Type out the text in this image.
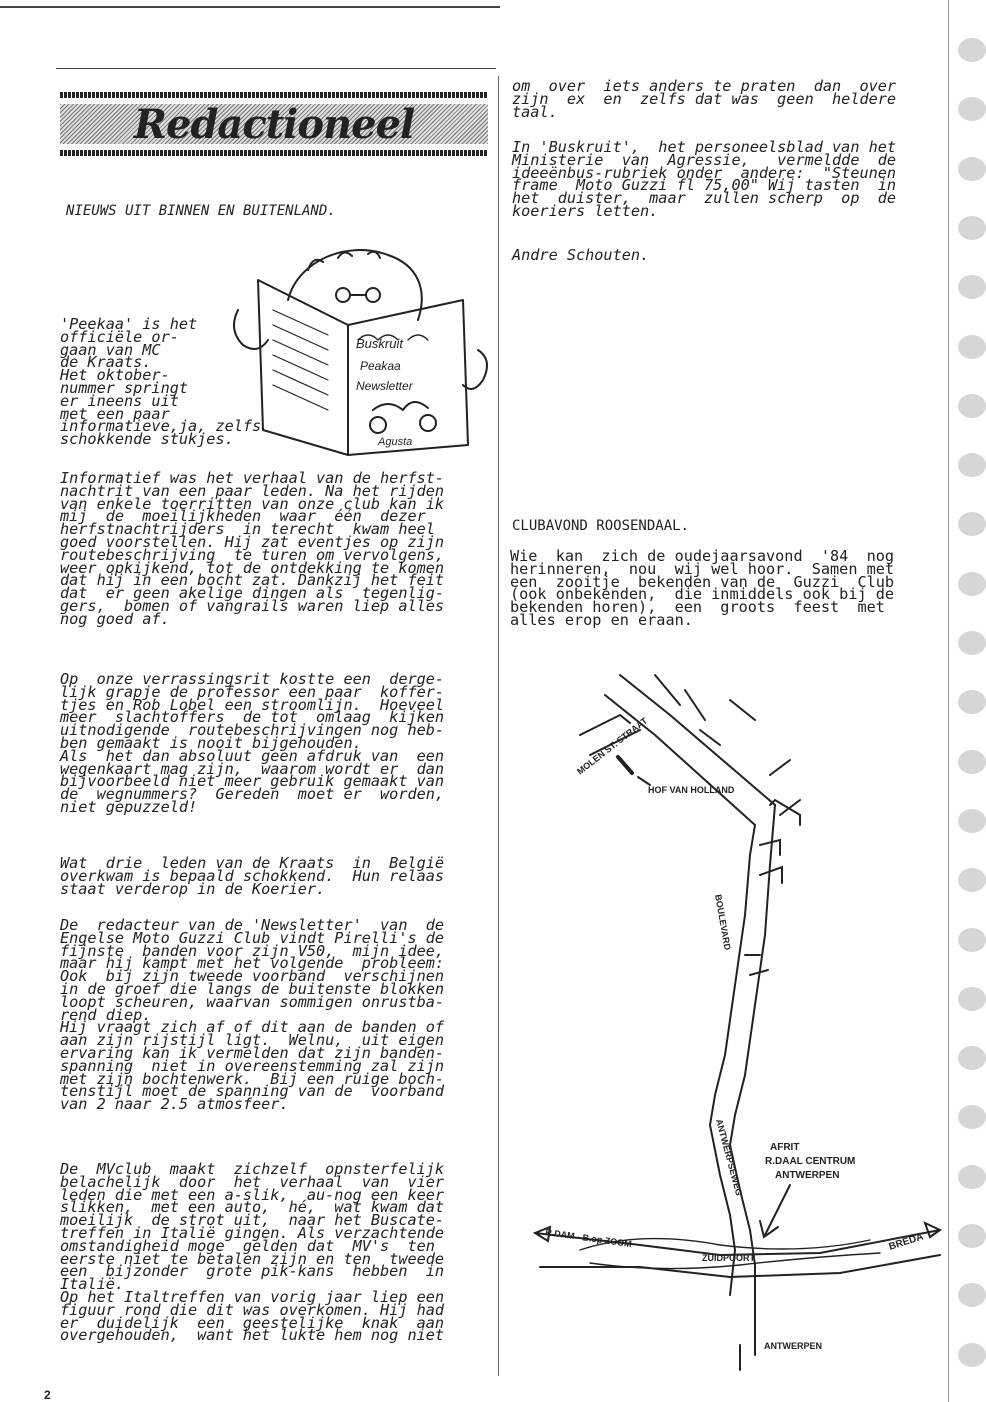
Redactioneel
NIEUWS UIT BINNEN EN BUITENLAND.
Buskruit
Peakaa
Newsletter
Agusta

'Peekaa' is het

officiële or-

gaan van MC

de Kraats.

Het oktober-

nummer springt

er ineens uit

met een paar

informatieve,ja, zelfs

schokkende stukjes.

Informatief was het verhaal van de herfst-

nachtrit van een paar leden. Na het rijden

van enkele toerritten van onze club kan ik

mij  de  moeilijkheden  waar  één  dezer

herfstnachtrijders  in terecht  kwam heel

goed voorstellen. Hij zat eventjes op zijn

routebeschrijving  te turen om vervolgens,

weer opkijkend, tot de ontdekking te komen

dat hij in een bocht zat. Dankzij het feit

dat  er geen akelige dingen als  tegenlig-

gers,  bomen of vangrails waren liep alles

nog goed af.

Op  onze verrassingsrit kostte een  derge-

lijk grapje de professor een paar  koffer-

tjes en Rob Lobel een stroomlijn.  Hoeveel

meer  slachtoffers  de tot  omlaag  kijken

uitnodigende  routebeschrijvingen nog heb-

ben gemaakt is nooit bijgehouden.

Als  het dan absoluut geen afdruk van  een

wegenkaart mag zijn,  waarom wordt er  dan

bijvoorbeeld niet meer gebruik gemaakt van

de  wegnummers?  Gereden  moet er  worden,

niet gepuzzeld!

Wat  drie  leden van de Kraats  in  België

overkwam is bepaald schokkend.  Hun relaas

staat verderop in de Koerier.

De  redacteur van de 'Newsletter'  van  de

Engelse Moto Guzzi Club vindt Pirelli's de

fijnste  banden voor zijn V50,  mijn idee,

maar hij kampt met het volgende  probleem:

Ook  bij zijn tweede voorband  verschijnen

in de groef die langs de buitenste blokken

loopt scheuren, waarvan sommigen onrustba-

rend diep.

Hij vraagt zich af of dit aan de banden of

aan zijn rijstijl ligt.  Welnu,  uit eigen

ervaring kan ik vermelden dat zijn banden-

spanning  niet in overeenstemming zal zijn

met zijn bochtenwerk.  Bij een ruige boch-

tenstijl moet de spanning van de  voorband

van 2 naar 2.5 atmosfeer.

De  MVclub  maakt  zichzelf  opnsterfelijk

belachelijk  door  het  verhaal  van  vier

leden die met een a-slik,  au-nog een keer

slikken,  met een auto,  hé,  wat kwam dat

moeilijk  de strot uit,  naar het Buscate-

treffen in Italië gingen. Als verzachtende

omstandigheid moge  gelden dat  MV's  ten

eerste niet te betalen zijn en ten  tweede

een  bijzonder  grote pik-kans  hebben  in

Italië.

Op het Italtreffen van vorig jaar liep een

figuur rond die dit was overkomen. Hij had

er  duidelijk  een  geestelijke  knak  aan

overgehouden,  want het lukte hem nog niet

om  over  iets anders te praten  dan  over

zijn  ex  en  zelfs dat was  geen  heldere

taal.

In 'Buskruit',  het personeelsblad van het

Ministerie  van  Agressie,   vermeldde  de

ideeënbus-rubriek onder  andere:  "Steunen

frame  Moto Guzzi fl 75,00" Wij tasten  in

het  duister,  maar  zullen scherp  op  de

koeriers letten.

Andre Schouten.
CLUBAVOND ROOSENDAAL.

Wie  kan  zich de oudejaarsavond  '84  nog

herinneren,  nou  wij wel hoor.  Samen met

een  zooitje  bekenden van de  Guzzi  Club

(ook onbekenden,  die inmiddels ook bij de

bekenden horen),  een  groots  feest  met

alles erop en eraan.

MOLEN ST. STRAAT
HOF VAN HOLLAND
BOULEVARD
ANTWERPSEWEG	AFRIT
R.DAAL CENTRUM
ANTWERPEN
R.DAM - B.op ZOOM
ZUIDPOORT
BREDA
ANTWERPEN
2
